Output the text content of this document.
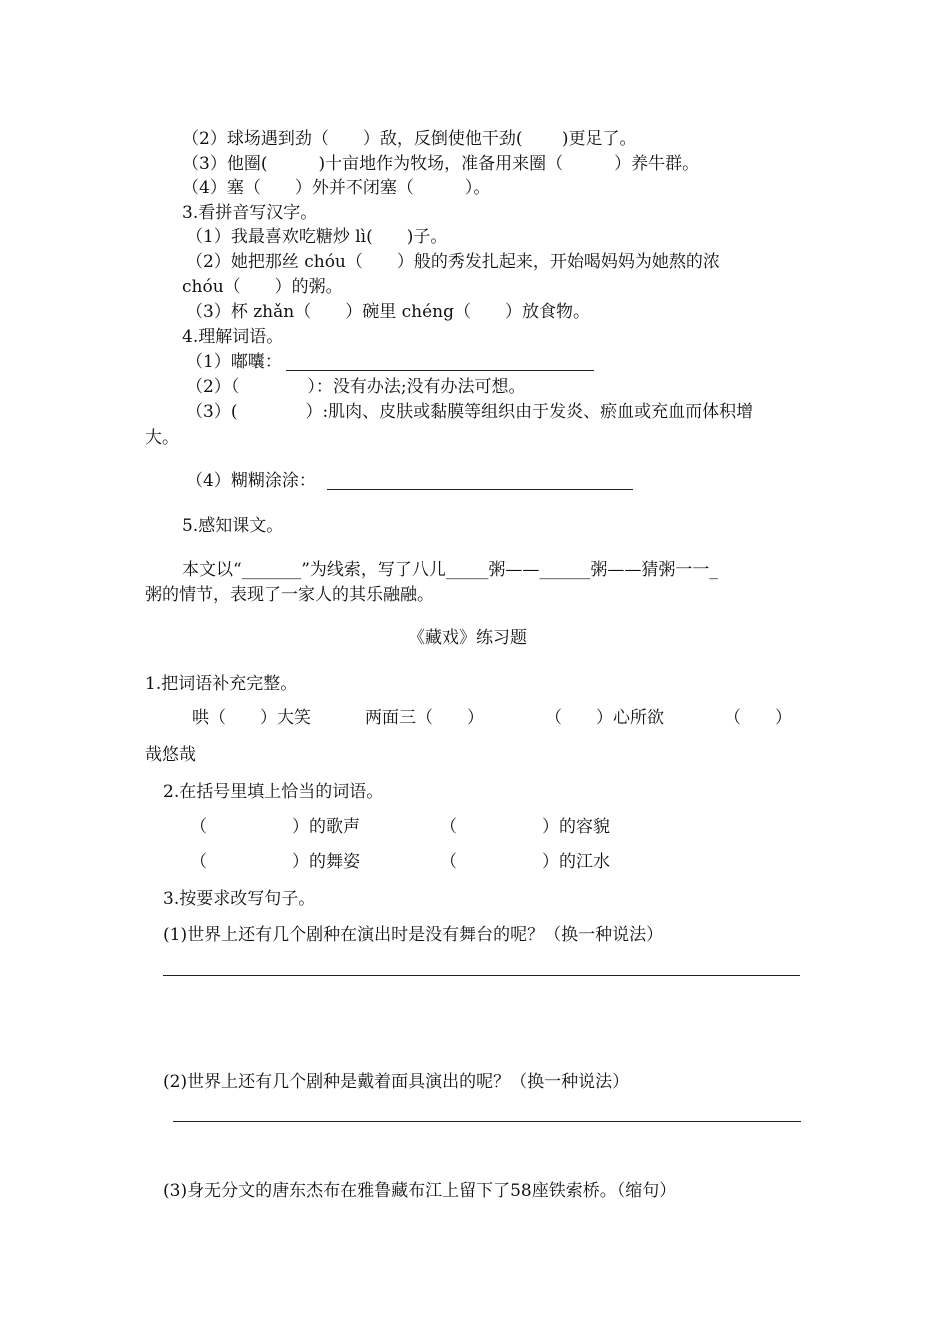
（2）球场遇到劲（　　）敌，反倒使他干劲(　　 )更足了。
（3）他圈(　　　)十亩地作为牧场，准备用来圈（　　　）养牛群。
（4）塞（　　）外并不闭塞（　　　）。
3.看拼音写汉字。
（1）我最喜欢吃糖炒 lì(　　)子。
（2）她把那丝 chóu（　　）般的秀发扎起来，开始喝妈妈为她熬的浓
chóu（　　）的粥。
（3）杯 zhǎn（　　）碗里 chéng（　　）放食物。
4.理解词语。
（1）嘟囔：
（2）（　　　　）：没有办法;没有办法可想。
（3）(　　　　）:肌肉、皮肤或黏膜等组织由于发炎、瘀血或充血而体积增
大。
（4）糊糊涂涂：
5.感知课文。
本文以“_______”为线索，写了八儿_____粥——______粥——猜粥一一_
粥的情节，表现了一家人的其乐融融。
《藏戏》练习题
1.把词语补充完整。
哄（　　）大笑	两面三（　　）	（　　）心所欲	（　　）
哉悠哉
2.在括号里填上恰当的词语。
（　　　　　）的歌声	（　　　　　）的容貌
（　　　　　）的舞姿	（　　　　　）的江水
3.按要求改写句子。
(1)世界上还有几个剧种在演出时是没有舞台的呢？（换一种说法）
(2)世界上还有几个剧种是戴着面具演出的呢？（换一种说法）
(3)身无分文的唐东杰布在雅鲁藏布江上留下了58座铁索桥。（缩句）
